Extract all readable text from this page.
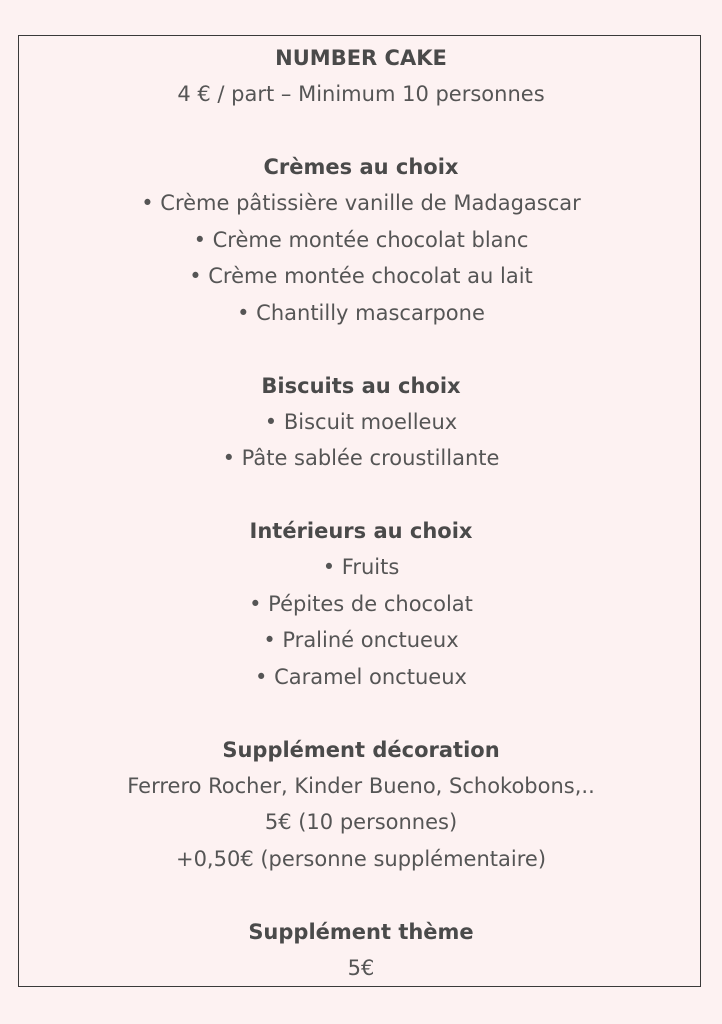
NUMBER CAKE
4 € / part – Minimum 10 personnes
Crèmes au choix
• Crème pâtissière vanille de Madagascar
• Crème montée chocolat blanc
• Crème montée chocolat au lait
• Chantilly mascarpone
Biscuits au choix
• Biscuit moelleux
• Pâte sablée croustillante
Intérieurs au choix
• Fruits
• Pépites de chocolat
• Praliné onctueux
• Caramel onctueux
Supplément décoration
Ferrero Rocher, Kinder Bueno, Schokobons,..
5€ (10 personnes)
+0,50€ (personne supplémentaire)
Supplément thème
5€
